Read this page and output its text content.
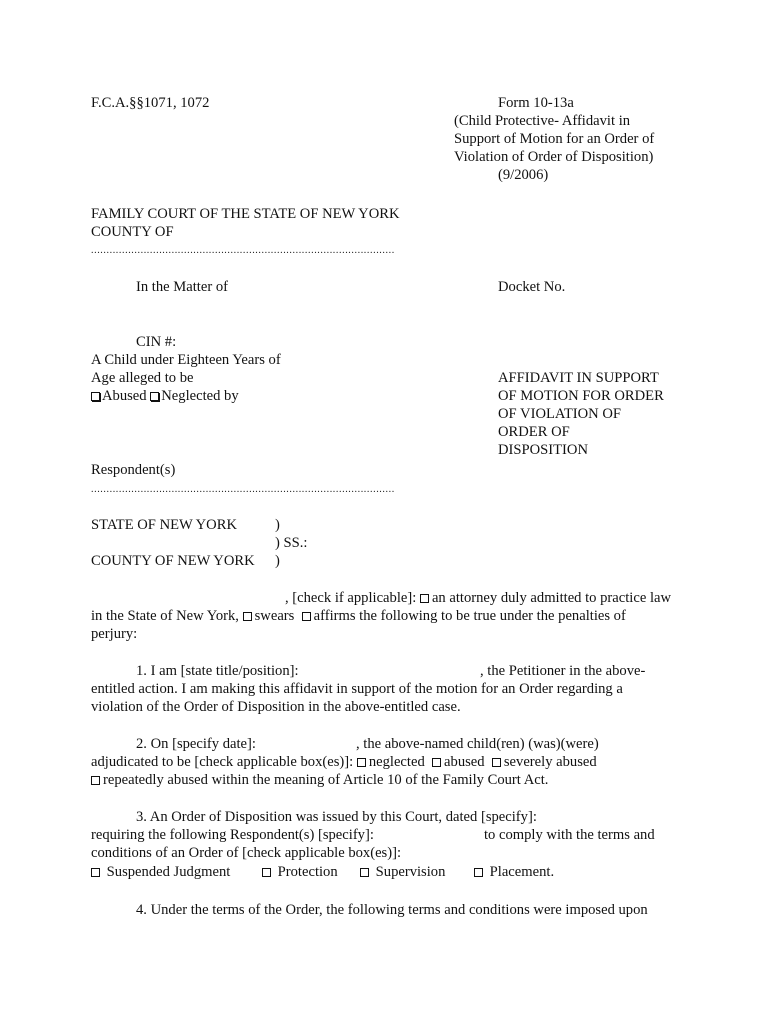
F.C.A.§§1071, 1072	Form 10-13a
(Child Protective- Affidavit in
Support of Motion for an Order of
Violation of Order of Disposition)
(9/2006)
FAMILY COURT OF THE STATE OF NEW YORK
COUNTY OF
..................................................................................................
In the Matter of	Docket No.
CIN #:
A Child under Eighteen Years of
Age alleged to be
Abused Neglected by
AFFIDAVIT IN SUPPORT
OF MOTION FOR ORDER
OF VIOLATION OF
ORDER OF
DISPOSITION
Respondent(s)
..................................................................................................
STATE OF NEW YORK	)
) SS.:
COUNTY OF NEW YORK )
, [check if applicable]: an attorney duly admitted to practice law
in the State of New York, swears affirms the following to be true under the penalties of
perjury:
1. I am [state title/position]:	, the Petitioner in the above-
entitled action. I am making this affidavit in support of the motion for an Order regarding a
violation of the Order of Disposition in the above-entitled case.
2. On [specify date]:	, the above-named child(ren) (was)(were)
adjudicated to be [check applicable box(es)]: neglected abused severely abused
repeatedly abused within the meaning of Article 10 of the Family Court Act.
3. An Order of Disposition was issued by this Court, dated [specify]:
requiring the following Respondent(s) [specify]:	to comply with the terms and
conditions of an Order of [check applicable box(es)]:
Suspended Judgment	Protection	Supervision	Placement.
4. Under the terms of the Order, the following terms and conditions were imposed upon
